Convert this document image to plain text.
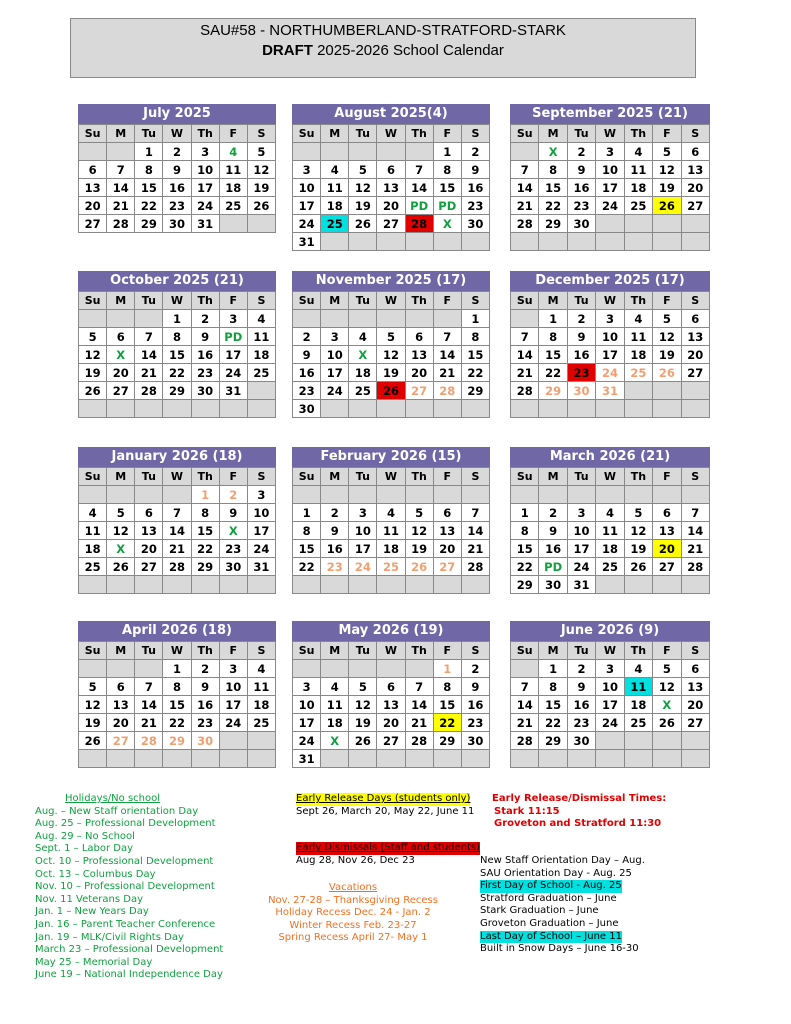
SAU#58 - NORTHUMBERLAND-STRATFORD-STARK
DRAFT 2025-2026 School Calendar
July 2025
Su	M	Tu	W	Th	F	S
		1	2	3	4	5
6	7	8	9	10	11	12
13	14	15	16	17	18	19
20	21	22	23	24	25	26
27	28	29	30	31		
August 2025(4)
Su	M	Tu	W	Th	F	S
					1	2
3	4	5	6	7	8	9
10	11	12	13	14	15	16
17	18	19	20	PD	PD	23
24	25	26	27	28	X	30
31						
September 2025 (21)
Su	M	Tu	W	Th	F	S
	X	2	3	4	5	6
7	8	9	10	11	12	13
14	15	16	17	18	19	20
21	22	23	24	25	26	27
28	29	30				

October 2025 (21)
Su	M	Tu	W	Th	F	S
			1	2	3	4
5	6	7	8	9	PD	11
12	X	14	15	16	17	18
19	20	21	22	23	24	25
26	27	28	29	30	31	

November 2025 (17)
Su	M	Tu	W	Th	F	S
						1
2	3	4	5	6	7	8
9	10	X	12	13	14	15
16	17	18	19	20	21	22
23	24	25	26	27	28	29
30						
December 2025 (17)
Su	M	Tu	W	Th	F	S
	1	2	3	4	5	6
7	8	9	10	11	12	13
14	15	16	17	18	19	20
21	22	23	24	25	26	27
28	29	30	31			

January 2026 (18)
Su	M	Tu	W	Th	F	S
				1	2	3
4	5	6	7	8	9	10
11	12	13	14	15	X	17
18	X	20	21	22	23	24
25	26	27	28	29	30	31

February 2026 (15)
Su	M	Tu	W	Th	F	S

1	2	3	4	5	6	7
8	9	10	11	12	13	14
15	16	17	18	19	20	21
22	23	24	25	26	27	28

March 2026 (21)
Su	M	Tu	W	Th	F	S

1	2	3	4	5	6	7
8	9	10	11	12	13	14
15	16	17	18	19	20	21
22	PD	24	25	26	27	28
29	30	31				
April 2026 (18)
Su	M	Tu	W	Th	F	S
			1	2	3	4
5	6	7	8	9	10	11
12	13	14	15	16	17	18
19	20	21	22	23	24	25
26	27	28	29	30		

May 2026 (19)
Su	M	Tu	W	Th	F	S
					1	2
3	4	5	6	7	8	9
10	11	12	13	14	15	16
17	18	19	20	21	22	23
24	X	26	27	28	29	30
31						
June 2026 (9)
Su	M	Tu	W	Th	F	S
	1	2	3	4	5	6
7	8	9	10	11	12	13
14	15	16	17	18	X	20
21	22	23	24	25	26	27
28	29	30				

Holidays/No school
Aug. – New Staff orientation Day
Aug. 25 – Professional Development
Aug. 29 – No School
Sept. 1 – Labor Day
Oct. 10 – Professional Development
Oct. 13 – Columbus Day
Nov. 10 – Professional Development
Nov. 11 Veterans Day
Jan. 1 – New Years Day
Jan. 16 – Parent Teacher Conference
Jan. 19 – MLK/Civil Rights Day
March 23 – Professional Development
May 25 – Memorial Day
June 19 – National Independence Day
Early Release Days (students only)
Sept 26, March 20, May 22, June 11
Early Dismissals (Staff and students)
Aug 28, Nov 26, Dec 23
Vacations
Nov. 27-28 – Thanksgiving Recess
Holiday Recess Dec. 24 - Jan. 2
Winter Recess Feb. 23-27
Spring Recess April 27- May 1
Early Release/Dismissal Times:
Stark 11:15
Groveton and Stratford 11:30
New Staff Orientation Day – Aug.
SAU Orientation Day - Aug. 25
First Day of School - Aug. 25
Stratford Graduation – June
Stark Graduation – June
Groveton Graduation – June
Last Day of School – June 11
Built in Snow Days – June 16-30
